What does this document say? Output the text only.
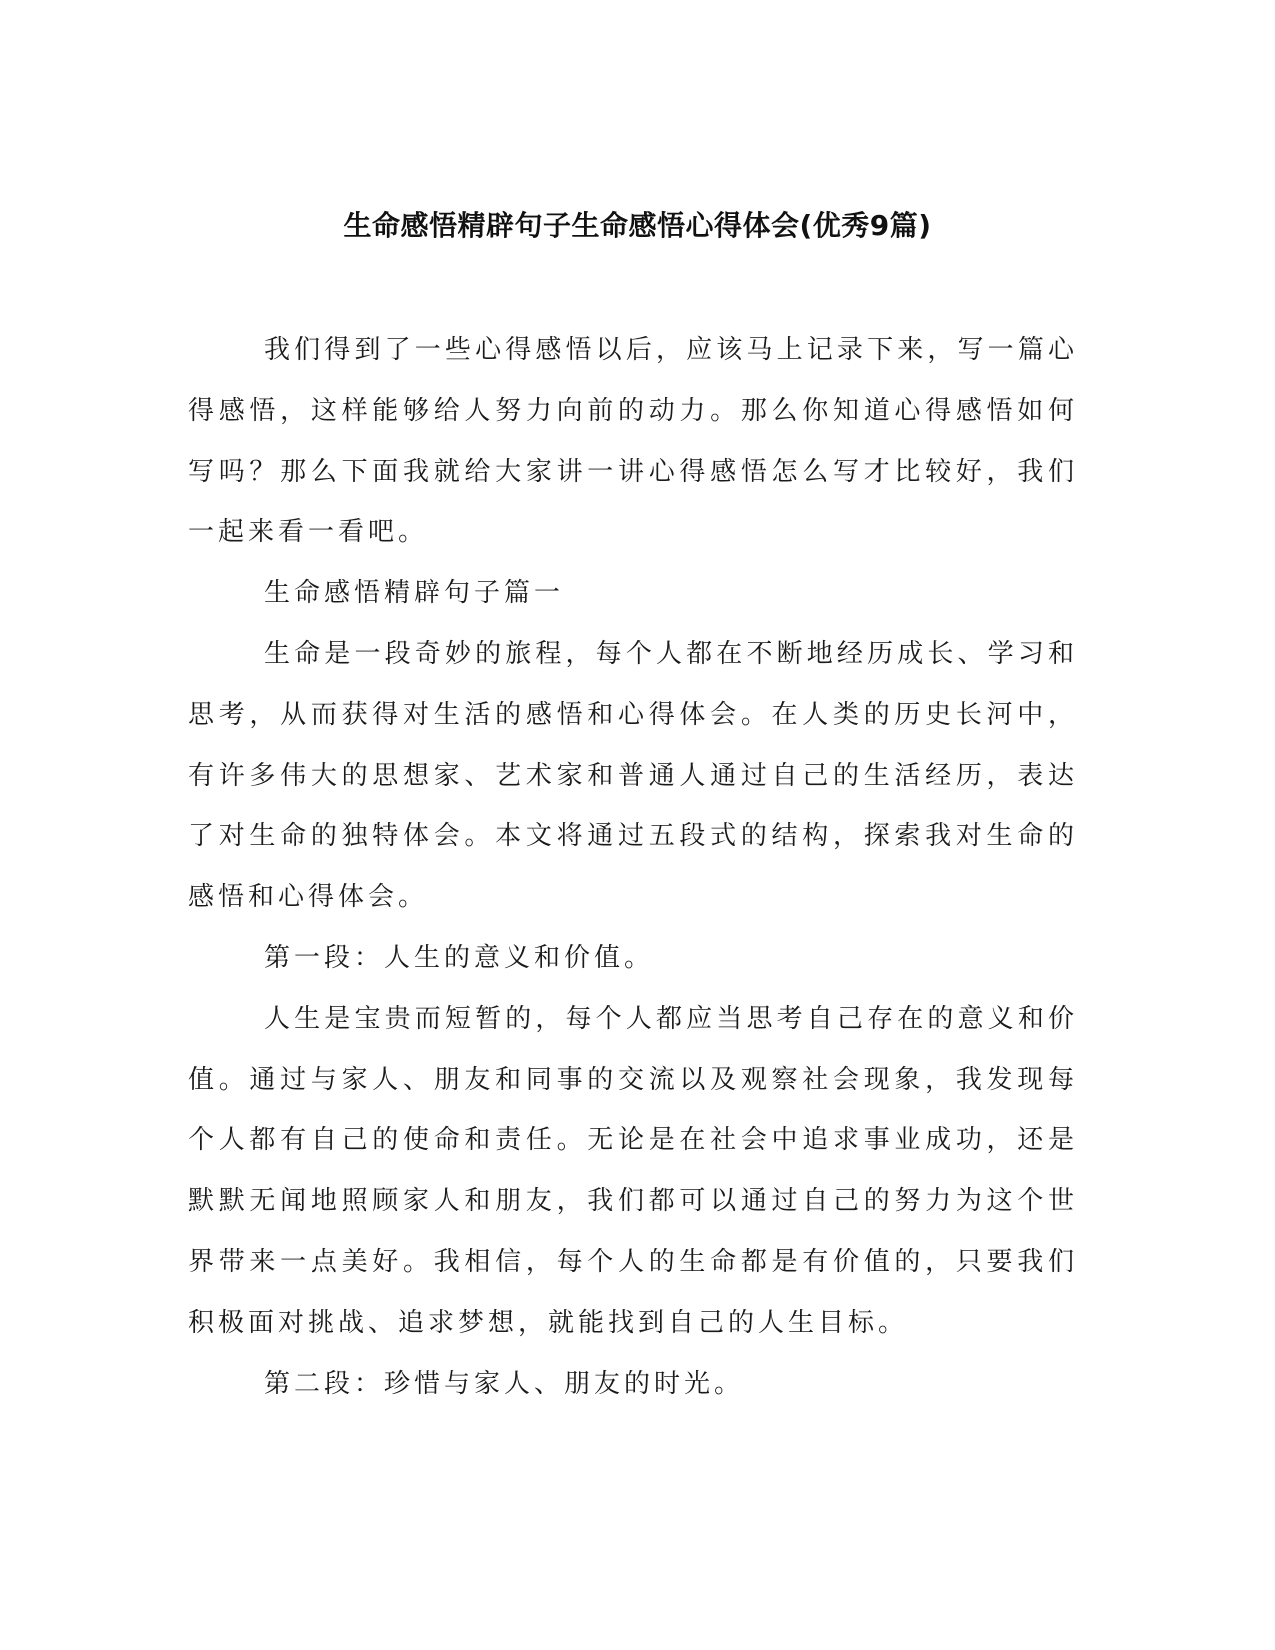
生命感悟精辟句子生命感悟心得体会(优秀9篇)

我们得到了一些心得感悟以后，应该马上记录下来，写一篇心得感悟，这样能够给人努力向前的动力。那么你知道心得感悟如何写吗？那么下面我就给大家讲一讲心得感悟怎么写才比较好，我们一起来看一看吧。

生命感悟精辟句子篇一

生命是一段奇妙的旅程，每个人都在不断地经历成长、学习和思考，从而获得对生活的感悟和心得体会。在人类的历史长河中，有许多伟大的思想家、艺术家和普通人通过自己的生活经历，表达了对生命的独特体会。本文将通过五段式的结构，探索我对生命的感悟和心得体会。

第一段：人生的意义和价值。

人生是宝贵而短暂的，每个人都应当思考自己存在的意义和价值。通过与家人、朋友和同事的交流以及观察社会现象，我发现每个人都有自己的使命和责任。无论是在社会中追求事业成功，还是默默无闻地照顾家人和朋友，我们都可以通过自己的努力为这个世界带来一点美好。我相信，每个人的生命都是有价值的，只要我们积极面对挑战、追求梦想，就能找到自己的人生目标。

第二段：珍惜与家人、朋友的时光。
